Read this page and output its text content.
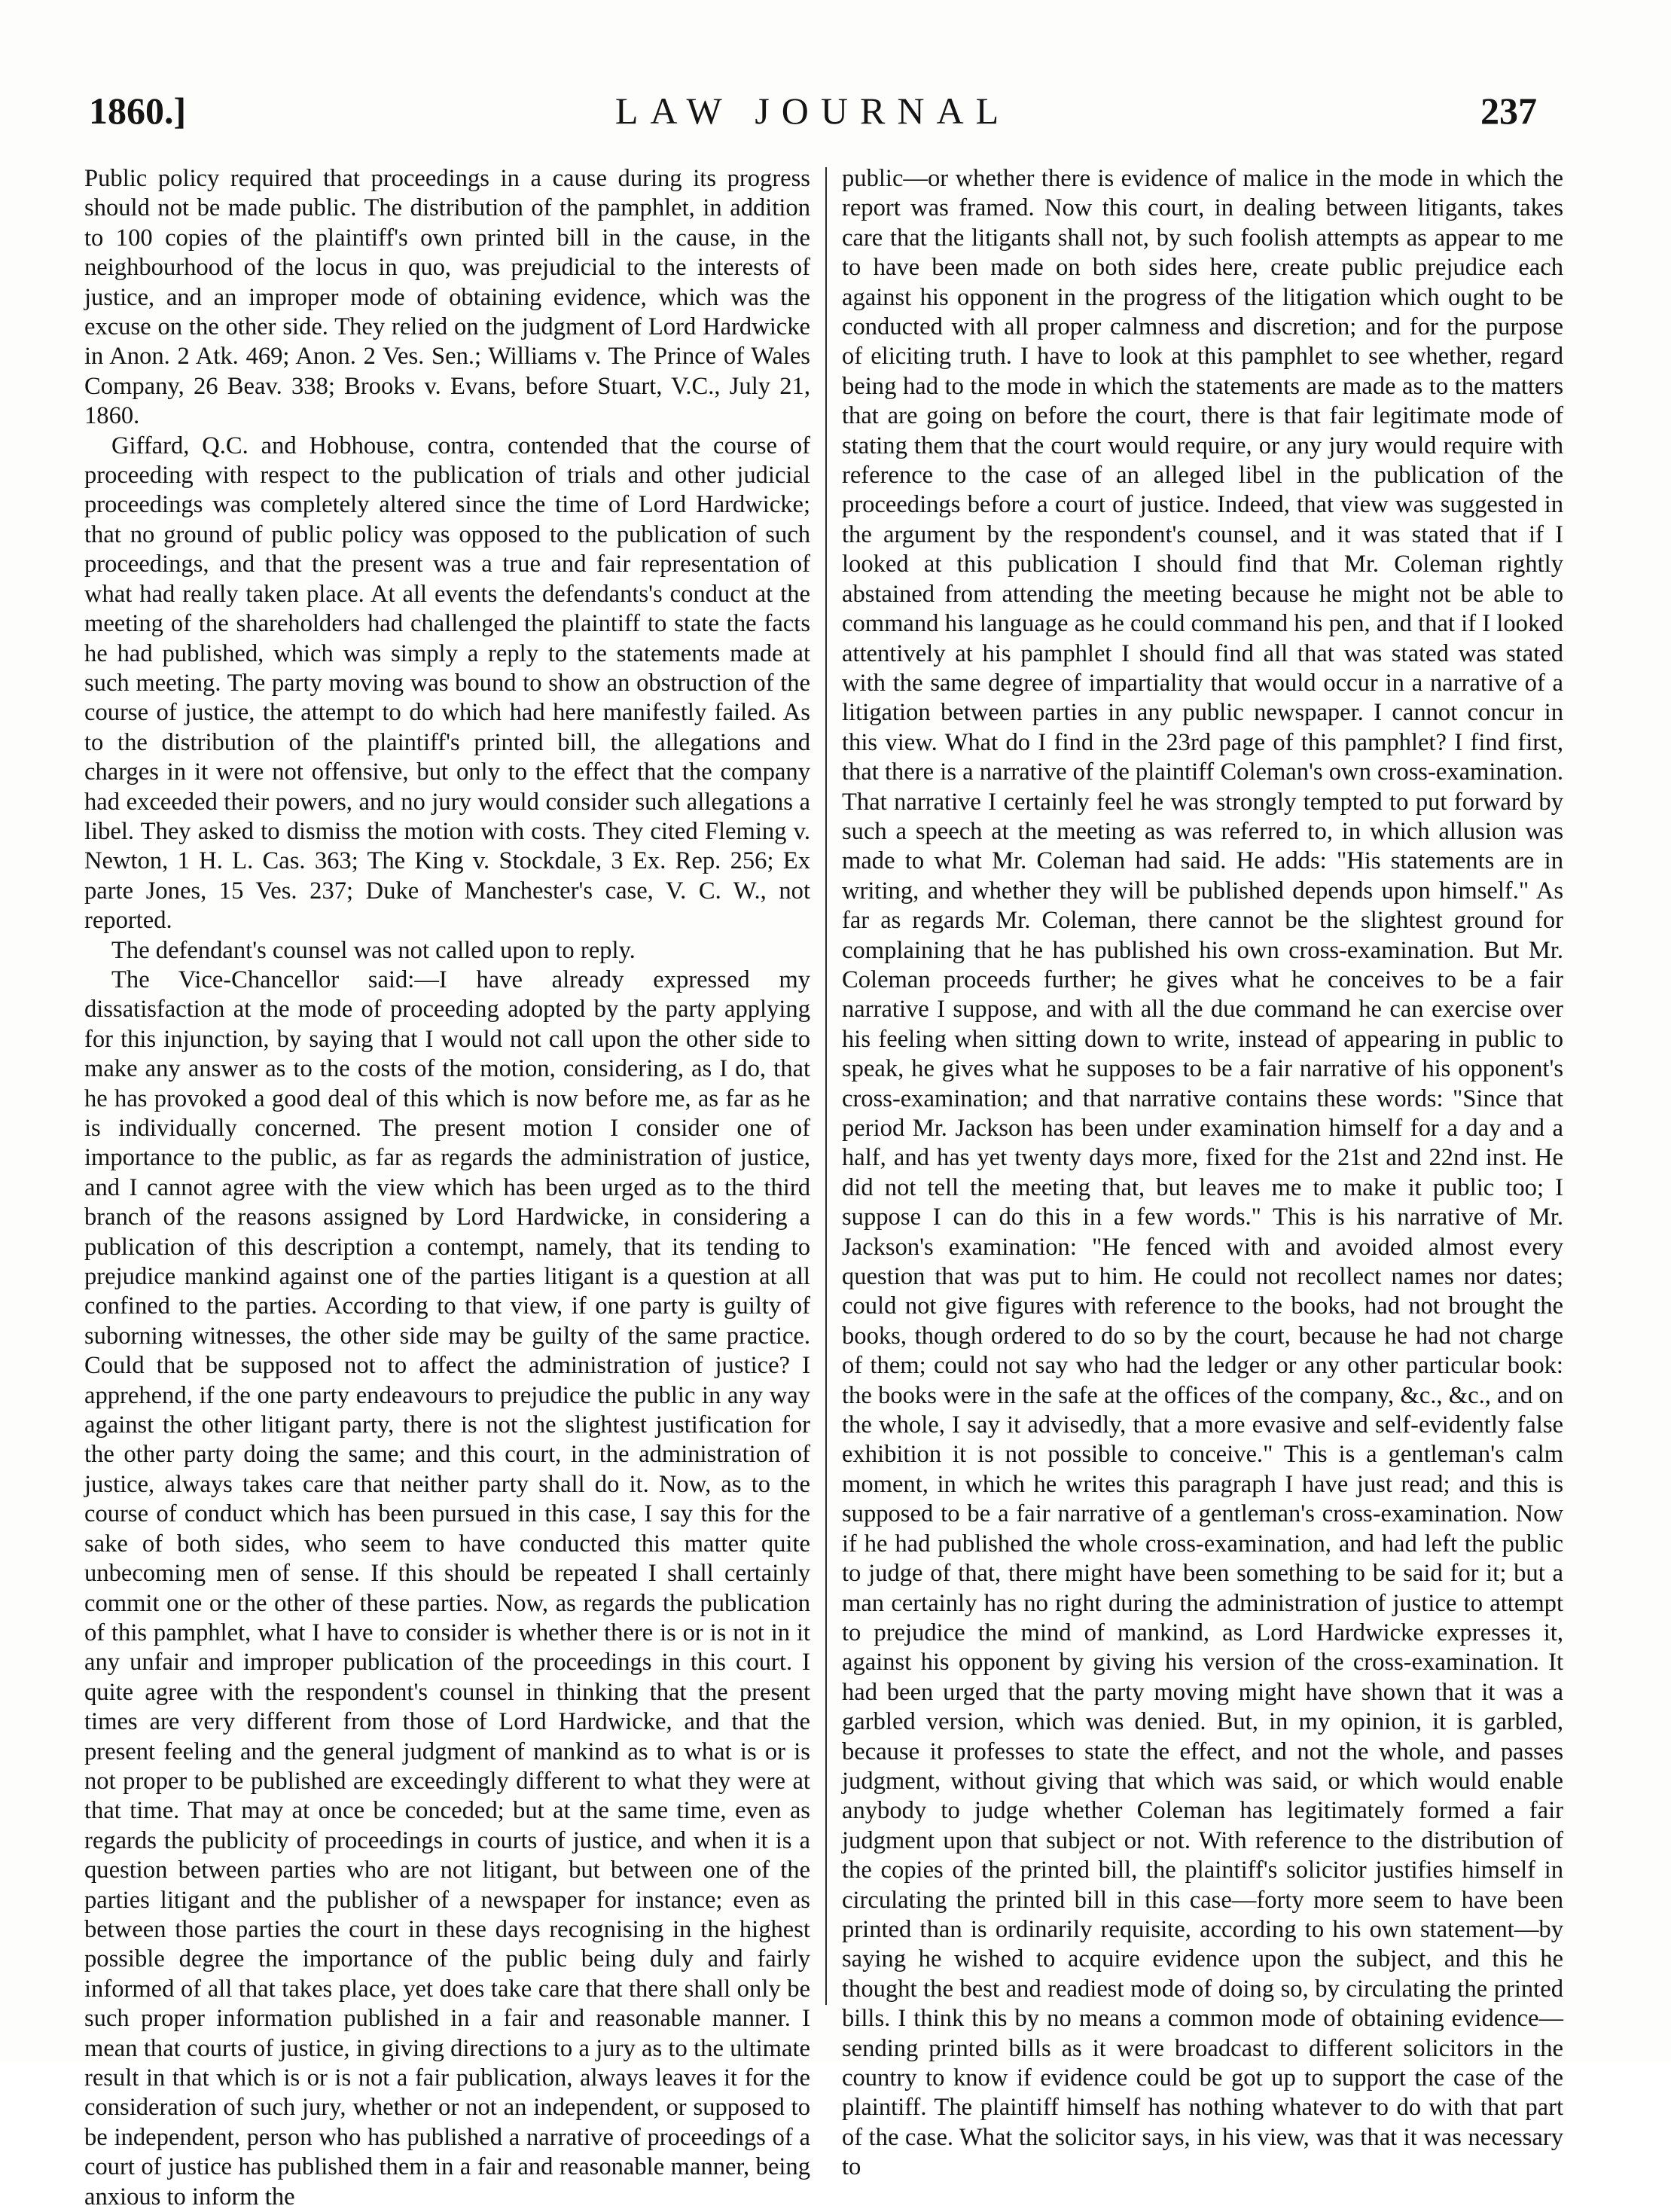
1860.]	LAW JOURNAL	237

Public policy required that proceedings in a cause during its progress should not be made public. The distribution of the pamphlet, in addition to 100 copies of the plaintiff's own printed bill in the cause, in the neighbourhood of the locus in quo, was prejudicial to the interests of justice, and an improper mode of obtaining evidence, which was the excuse on the other side. They relied on the judgment of Lord Hardwicke in Anon. 2 Atk. 469; Anon. 2 Ves. Sen.; Williams v. The Prince of Wales Company, 26 Beav. 338; Brooks v. Evans, before Stuart, V.C., July 21, 1860.

Giffard, Q.C. and Hobhouse, contra, contended that the course of proceeding with respect to the publication of trials and other judicial proceedings was completely altered since the time of Lord Hardwicke; that no ground of public policy was opposed to the publication of such proceedings, and that the present was a true and fair representation of what had really taken place. At all events the defendants's conduct at the meeting of the shareholders had challenged the plaintiff to state the facts he had published, which was simply a reply to the statements made at such meeting. The party moving was bound to show an obstruction of the course of justice, the attempt to do which had here manifestly failed. As to the distribution of the plaintiff's printed bill, the allegations and charges in it were not offensive, but only to the effect that the company had exceeded their powers, and no jury would consider such allegations a libel. They asked to dismiss the motion with costs. They cited Fleming v. Newton, 1 H. L. Cas. 363; The King v. Stockdale, 3 Ex. Rep. 256; Ex parte Jones, 15 Ves. 237; Duke of Manchester's case, V. C. W., not reported.

The defendant's counsel was not called upon to reply.

The Vice-Chancellor said:—I have already expressed my dissatisfaction at the mode of proceeding adopted by the party applying for this injunction, by saying that I would not call upon the other side to make any answer as to the costs of the motion, considering, as I do, that he has provoked a good deal of this which is now before me, as far as he is individually concerned. The present motion I consider one of importance to the public, as far as regards the administration of justice, and I cannot agree with the view which has been urged as to the third branch of the reasons assigned by Lord Hardwicke, in considering a publication of this description a contempt, namely, that its tending to prejudice mankind against one of the parties litigant is a question at all confined to the parties. According to that view, if one party is guilty of suborning witnesses, the other side may be guilty of the same practice. Could that be supposed not to affect the administration of justice? I apprehend, if the one party endeavours to prejudice the public in any way against the other litigant party, there is not the slightest justification for the other party doing the same; and this court, in the administration of justice, always takes care that neither party shall do it. Now, as to the course of conduct which has been pursued in this case, I say this for the sake of both sides, who seem to have conducted this matter quite unbecoming men of sense. If this should be repeated I shall certainly commit one or the other of these parties. Now, as regards the publication of this pamphlet, what I have to consider is whether there is or is not in it any unfair and improper publication of the proceedings in this court. I quite agree with the respondent's counsel in thinking that the present times are very different from those of Lord Hardwicke, and that the present feeling and the general judgment of mankind as to what is or is not proper to be published are exceedingly different to what they were at that time. That may at once be conceded; but at the same time, even as regards the publicity of proceedings in courts of justice, and when it is a question between parties who are not litigant, but between one of the parties litigant and the publisher of a newspaper for instance; even as between those parties the court in these days recognising in the highest possible degree the importance of the public being duly and fairly informed of all that takes place, yet does take care that there shall only be such proper information published in a fair and reasonable manner. I mean that courts of justice, in giving directions to a jury as to the ultimate result in that which is or is not a fair publication, always leaves it for the consideration of such jury, whether or not an independent, or supposed to be independent, person who has published a narrative of proceedings of a court of justice has published them in a fair and reasonable manner, being anxious to inform the

public—or whether there is evidence of malice in the mode in which the report was framed. Now this court, in dealing between litigants, takes care that the litigants shall not, by such foolish attempts as appear to me to have been made on both sides here, create public prejudice each against his opponent in the progress of the litigation which ought to be conducted with all proper calmness and discretion; and for the purpose of eliciting truth. I have to look at this pamphlet to see whether, regard being had to the mode in which the statements are made as to the matters that are going on before the court, there is that fair legitimate mode of stating them that the court would require, or any jury would require with reference to the case of an alleged libel in the publication of the proceedings before a court of justice. Indeed, that view was suggested in the argument by the respondent's counsel, and it was stated that if I looked at this publication I should find that Mr. Coleman rightly abstained from attending the meeting because he might not be able to command his language as he could command his pen, and that if I looked attentively at his pamphlet I should find all that was stated was stated with the same degree of impartiality that would occur in a narrative of a litigation between parties in any public newspaper. I cannot concur in this view. What do I find in the 23rd page of this pamphlet? I find first, that there is a narrative of the plaintiff Coleman's own cross-examination. That narrative I certainly feel he was strongly tempted to put forward by such a speech at the meeting as was referred to, in which allusion was made to what Mr. Coleman had said. He adds: "His statements are in writing, and whether they will be published depends upon himself." As far as regards Mr. Coleman, there cannot be the slightest ground for complaining that he has published his own cross-examination. But Mr. Coleman proceeds further; he gives what he conceives to be a fair narrative I suppose, and with all the due command he can exercise over his feeling when sitting down to write, instead of appearing in public to speak, he gives what he supposes to be a fair narrative of his opponent's cross-examination; and that narrative contains these words: "Since that period Mr. Jackson has been under examination himself for a day and a half, and has yet twenty days more, fixed for the 21st and 22nd inst. He did not tell the meeting that, but leaves me to make it public too; I suppose I can do this in a few words." This is his narrative of Mr. Jackson's examination: "He fenced with and avoided almost every question that was put to him. He could not recollect names nor dates; could not give figures with reference to the books, had not brought the books, though ordered to do so by the court, because he had not charge of them; could not say who had the ledger or any other particular book: the books were in the safe at the offices of the company, &c., &c., and on the whole, I say it advisedly, that a more evasive and self-evidently false exhibition it is not possible to conceive." This is a gentleman's calm moment, in which he writes this paragraph I have just read; and this is supposed to be a fair narrative of a gentleman's cross-examination. Now if he had published the whole cross-examination, and had left the public to judge of that, there might have been something to be said for it; but a man certainly has no right during the administration of justice to attempt to prejudice the mind of mankind, as Lord Hardwicke expresses it, against his opponent by giving his version of the cross-examination. It had been urged that the party moving might have shown that it was a garbled version, which was denied. But, in my opinion, it is garbled, because it professes to state the effect, and not the whole, and passes judgment, without giving that which was said, or which would enable anybody to judge whether Coleman has legitimately formed a fair judgment upon that subject or not. With reference to the distribution of the copies of the printed bill, the plaintiff's solicitor justifies himself in circulating the printed bill in this case—forty more seem to have been printed than is ordinarily requisite, according to his own statement—by saying he wished to acquire evidence upon the subject, and this he thought the best and readiest mode of doing so, by circulating the printed bills. I think this by no means a common mode of obtaining evidence—sending printed bills as it were broadcast to different solicitors in the country to know if evidence could be got up to support the case of the plaintiff. The plaintiff himself has nothing whatever to do with that part of the case. What the solicitor says, in his view, was that it was necessary to
